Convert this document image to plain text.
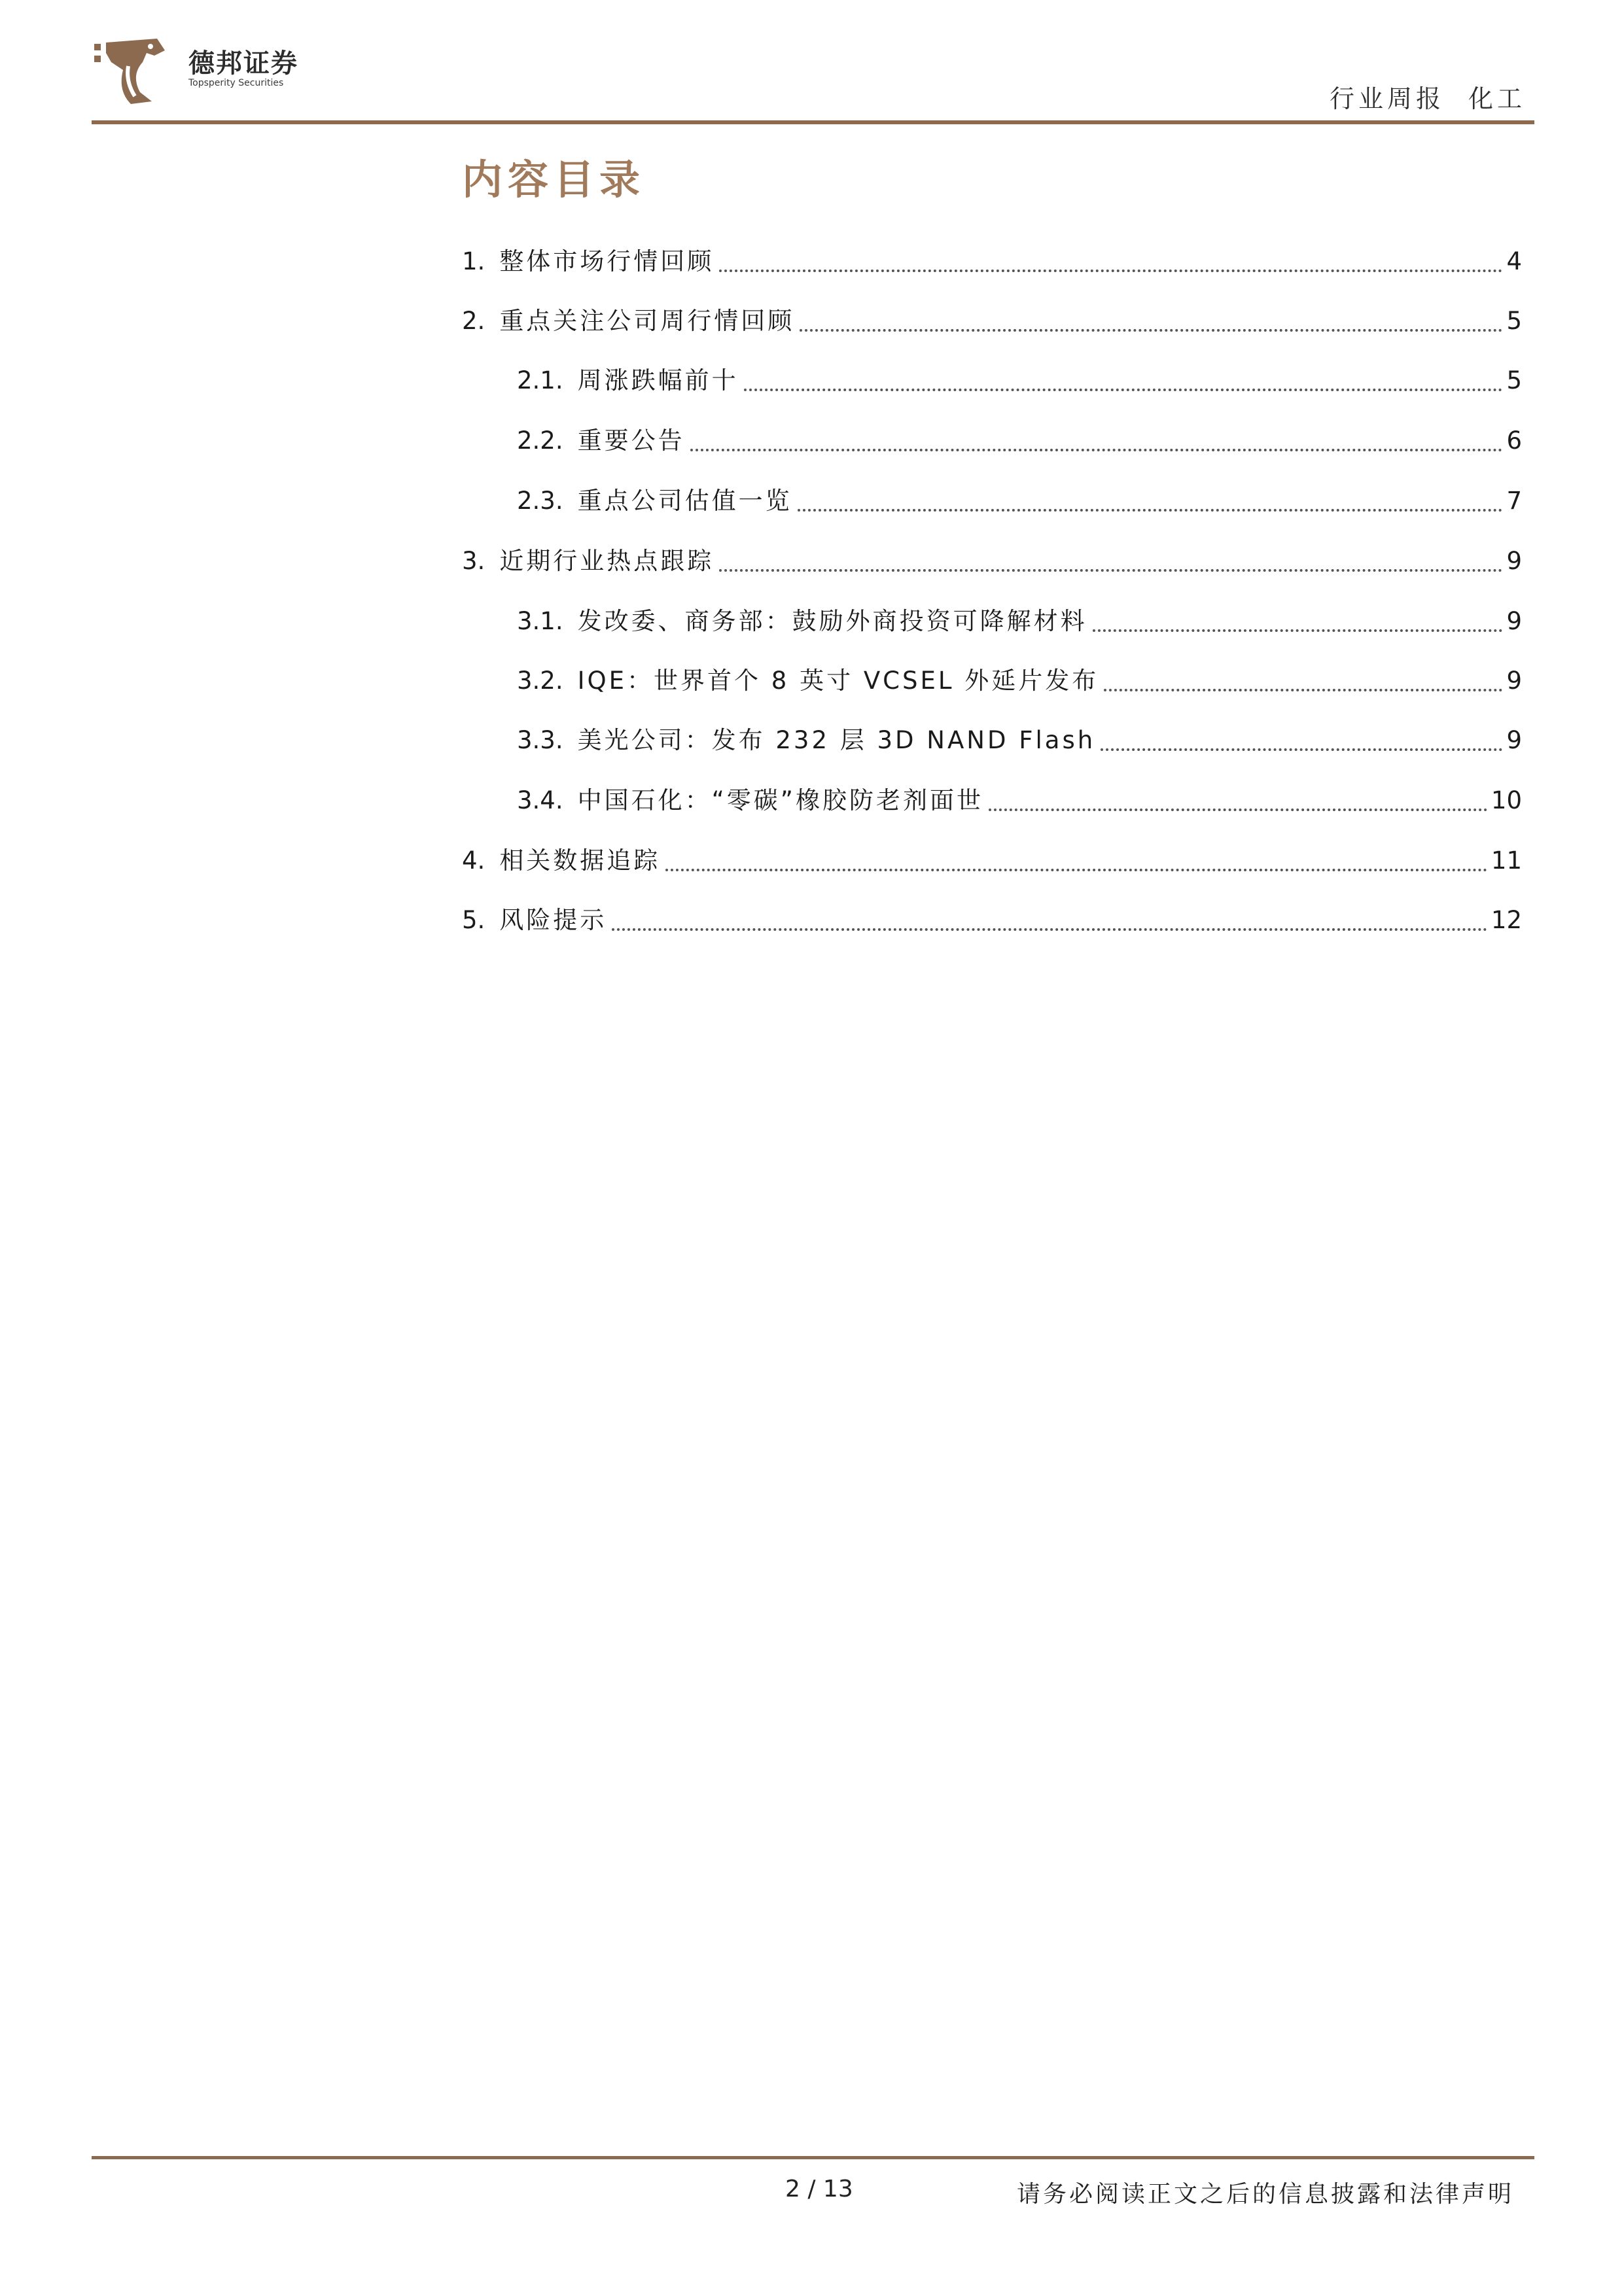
德邦证券
Topsperity Securities
行业周报 化工
内容目录
1. 整体市场行情回顾	4
2. 重点关注公司周行情回顾	5
2.1. 周涨跌幅前十	5
2.2. 重要公告	6
2.3. 重点公司估值一览	7
3. 近期行业热点跟踪	9
3.1. 发改委、商务部：鼓励外商投资可降解材料	9
3.2. IQE：世界首个 8 英寸 VCSEL 外延片发布	9
3.3. 美光公司：发布 232 层 3D NAND Flash	9
3.4. 中国石化：“零碳”橡胶防老剂面世	10
4. 相关数据追踪	11
5. 风险提示	12
2 / 13	请务必阅读正文之后的信息披露和法律声明
